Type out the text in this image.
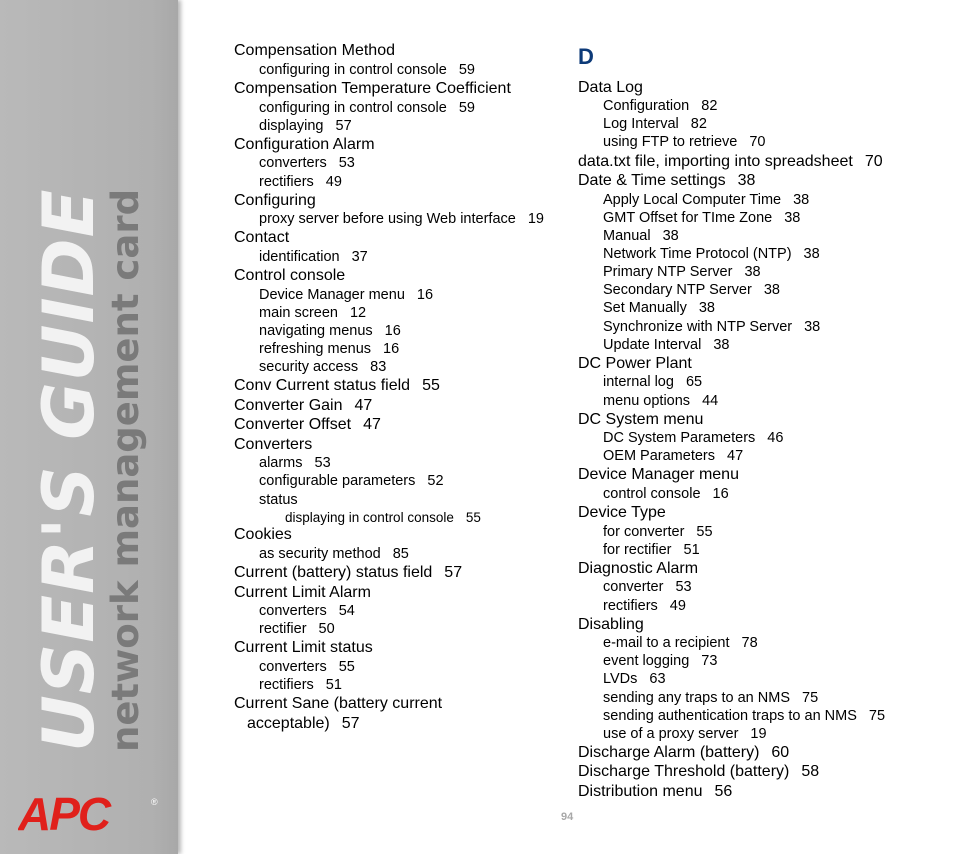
USER'S GUIDE
network management card
APC	®
Compensation Method
configuring in control console 59
Compensation Temperature Coefficient
configuring in control console 59
displaying 57
Configuration Alarm
converters 53
rectifiers 49
Configuring
proxy server before using Web interface 19
Contact
identification 37
Control console
Device Manager menu 16
main screen 12
navigating menus 16
refreshing menus 16
security access 83
Conv Current status field 55
Converter Gain 47
Converter Offset 47
Converters
alarms 53
configurable parameters 52
status
displaying in control console 55
Cookies
as security method 85
Current (battery) status field 57
Current Limit Alarm
converters 54
rectifier 50
Current Limit status
converters 55
rectifiers 51
Current Sane (battery current
acceptable) 57
D
Data Log
Configuration 82
Log Interval 82
using FTP to retrieve 70
data.txt file, importing into spreadsheet 70
Date & Time settings 38
Apply Local Computer Time 38
GMT Offset for TIme Zone 38
Manual 38
Network Time Protocol (NTP) 38
Primary NTP Server 38
Secondary NTP Server 38
Set Manually 38
Synchronize with NTP Server 38
Update Interval 38
DC Power Plant
internal log 65
menu options 44
DC System menu
DC System Parameters 46
OEM Parameters 47
Device Manager menu
control console 16
Device Type
for converter 55
for rectifier 51
Diagnostic Alarm
converter 53
rectifiers 49
Disabling
e-mail to a recipient 78
event logging 73
LVDs 63
sending any traps to an NMS 75
sending authentication traps to an NMS 75
use of a proxy server 19
Discharge Alarm (battery) 60
Discharge Threshold (battery) 58
Distribution menu 56
94
